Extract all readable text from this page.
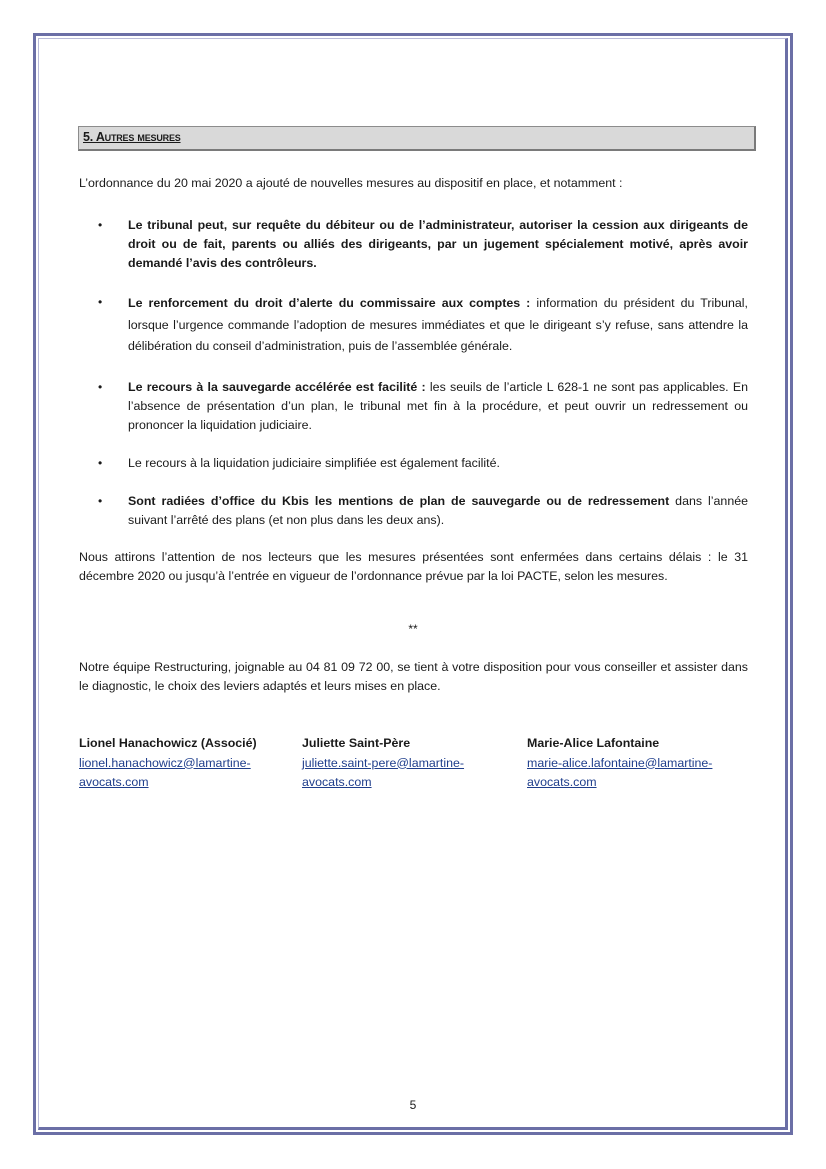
5. Autres mesures
L’ordonnance du 20 mai 2020 a ajouté de nouvelles mesures au dispositif en place, et notamment :
•	Le tribunal peut, sur requête du débiteur ou de l’administrateur, autoriser la cession aux dirigeants de droit ou de fait, parents ou alliés des dirigeants, par un jugement spécialement motivé, après avoir demandé l’avis des contrôleurs.
•	Le renforcement du droit d’alerte du commissaire aux comptes : information du président du Tribunal, lorsque l’urgence commande l’adoption de mesures immédiates et que le dirigeant s’y refuse, sans attendre la délibération du conseil d’administration, puis de l’assemblée générale.
•	Le recours à la sauvegarde accélérée est facilité : les seuils de l’article L 628-1 ne sont pas applicables. En l’absence de présentation d’un plan, le tribunal met fin à la procédure, et peut ouvrir un redressement ou prononcer la liquidation judiciaire.
•	Le recours à la liquidation judiciaire simplifiée est également facilité.
•	Sont radiées d’office du Kbis les mentions de plan de sauvegarde ou de redressement dans l’année suivant l’arrêté des plans (et non plus dans les deux ans).
Nous attirons l’attention de nos lecteurs que les mesures présentées sont enfermées dans certains délais : le 31 décembre 2020 ou jusqu’à l’entrée en vigueur de l’ordonnance prévue par la loi PACTE, selon les mesures.
**
Notre équipe Restructuring, joignable au 04 81 09 72 00, se tient à votre disposition pour vous conseiller et assister dans le diagnostic, le choix des leviers adaptés et leurs mises en place.
Lionel Hanachowicz (Associé)
lionel.hanachowicz@lamartine-
avocats.com
Juliette Saint-Père
juliette.saint-pere@lamartine-
avocats.com
Marie-Alice Lafontaine
marie-alice.lafontaine@lamartine-
avocats.com
5
